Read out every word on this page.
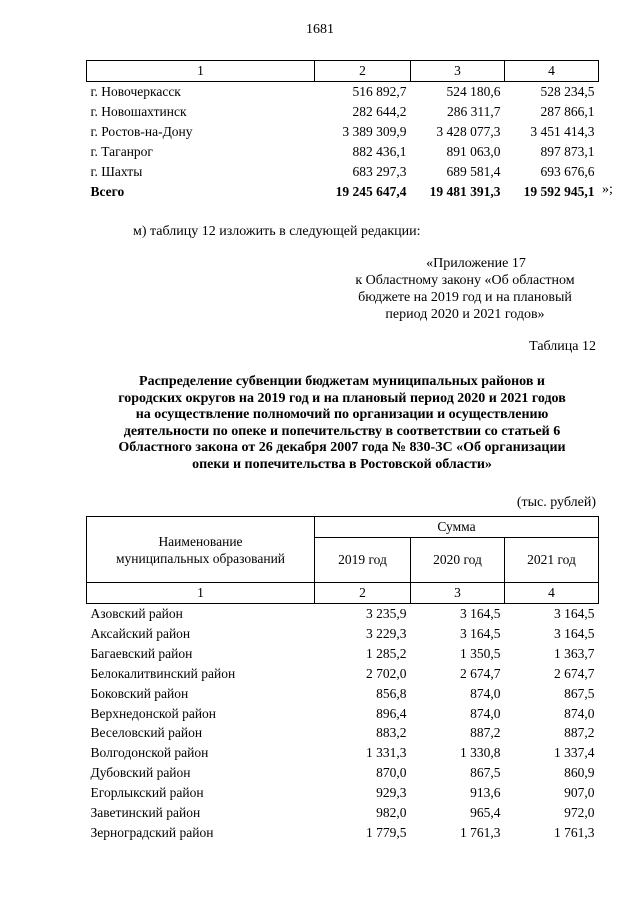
1681
1	2	3	4
г. Новочеркасск	516 892,7	524 180,6	528 234,5
г. Новошахтинск	282 644,2	286 311,7	287 866,1
г. Ростов-на-Дону	3 389 309,9	3 428 077,3	3 451 414,3
г. Таганрог	882 436,1	891 063,0	897 873,1
г. Шахты	683 297,3	689 581,4	693 676,6
Всего	19 245 647,4	19 481 391,3	19 592 945,1 »;
м) таблицу 12 изложить в следующей редакции:
«Приложение 17
к Областному закону «Об областном
бюджете на 2019 год и на плановый
период 2020 и 2021 годов»
Таблица 12
Распределение субвенции бюджетам муниципальных районов и
городских округов на 2019 год и на плановый период 2020 и 2021 годов
на осуществление полномочий по организации и осуществлению
деятельности по опеке и попечительству в соответствии со статьей 6
Областного закона от 26 декабря 2007 года № 830-ЗС «Об организации
опеки и попечительства в Ростовской области»
(тыс. рублей)
Наименование
муниципальных образований	Сумма		
	2019 год	2020 год	2021 год
1	2	3	4
Азовский район	3 235,9	3 164,5	3 164,5
Аксайский район	3 229,3	3 164,5	3 164,5
Багаевский район	1 285,2	1 350,5	1 363,7
Белокалитвинский район	2 702,0	2 674,7	2 674,7
Боковский район	856,8	874,0	867,5
Верхнедонской район	896,4	874,0	874,0
Веселовский район	883,2	887,2	887,2
Волгодонской район	1 331,3	1 330,8	1 337,4
Дубовский район	870,0	867,5	860,9
Егорлыкский район	929,3	913,6	907,0
Заветинский район	982,0	965,4	972,0
Зерноградский район	1 779,5	1 761,3	1 761,3
